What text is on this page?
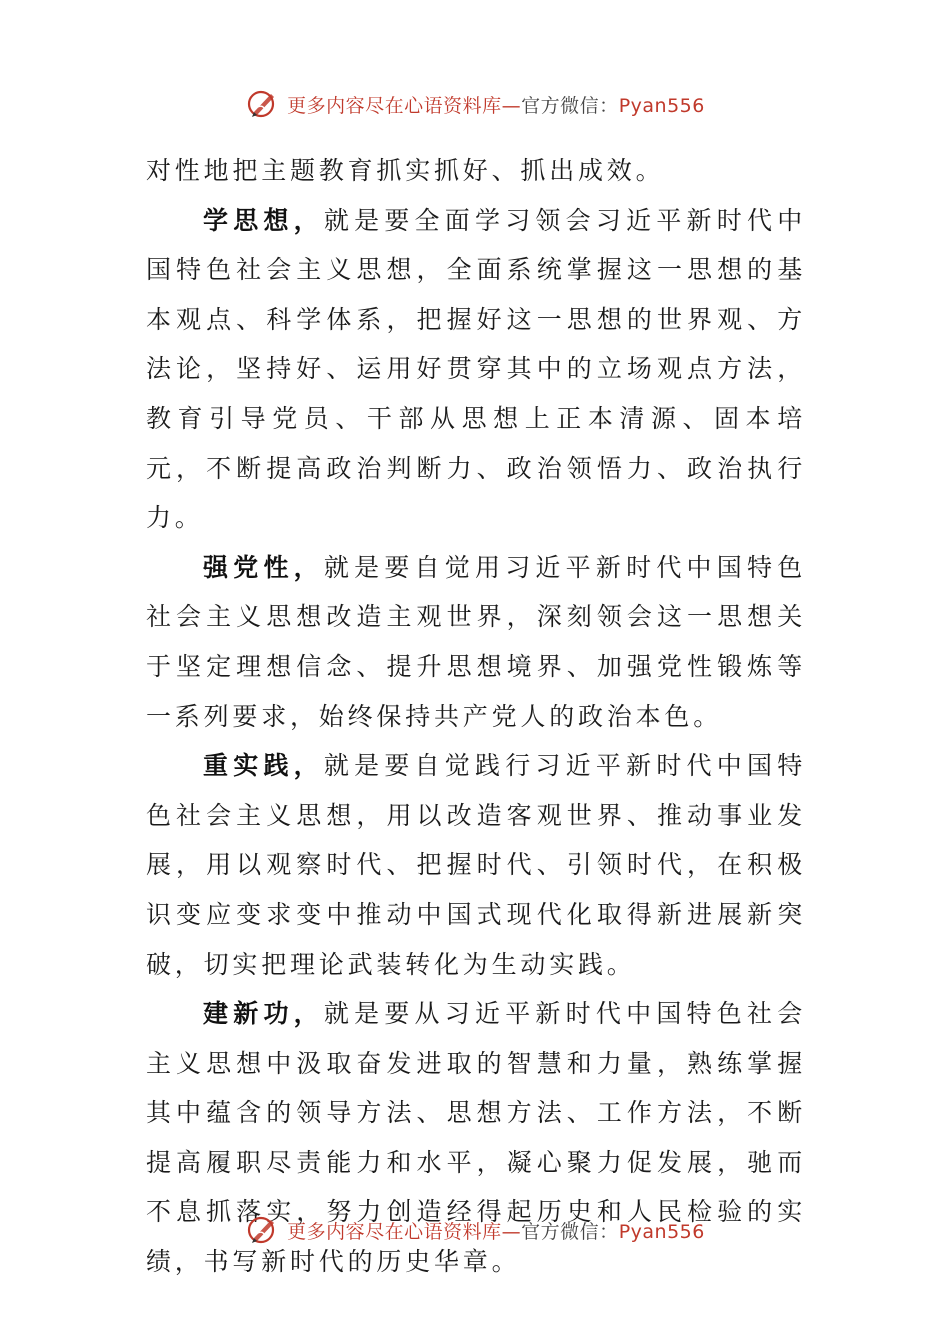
更多内容尽在心语资料库—官方微信：Pyan556

对性地把主题教育抓实抓好、抓出成效。

学思想，就是要全面学习领会习近平新时代中国特色社会主义思想，全面系统掌握这一思想的基本观点、科学体系，把握好这一思想的世界观、方法论，坚持好、运用好贯穿其中的立场观点方法，教育引导党员、干部从思想上正本清源、固本培元，不断提高政治判断力、政治领悟力、政治执行力。

强党性，就是要自觉用习近平新时代中国特色社会主义思想改造主观世界，深刻领会这一思想关于坚定理想信念、提升思想境界、加强党性锻炼等一系列要求，始终保持共产党人的政治本色。

重实践，就是要自觉践行习近平新时代中国特色社会主义思想，用以改造客观世界、推动事业发展，用以观察时代、把握时代、引领时代，在积极识变应变求变中推动中国式现代化取得新进展新突破，切实把理论武装转化为生动实践。

建新功，就是要从习近平新时代中国特色社会主义思想中汲取奋发进取的智慧和力量，熟练掌握其中蕴含的领导方法、思想方法、工作方法，不断提高履职尽责能力和水平，凝心聚力促发展，驰而不息抓落实，努力创造经得起历史和人民检验的实绩，书写新时代的历史华章。

更多内容尽在心语资料库—官方微信：Pyan556
